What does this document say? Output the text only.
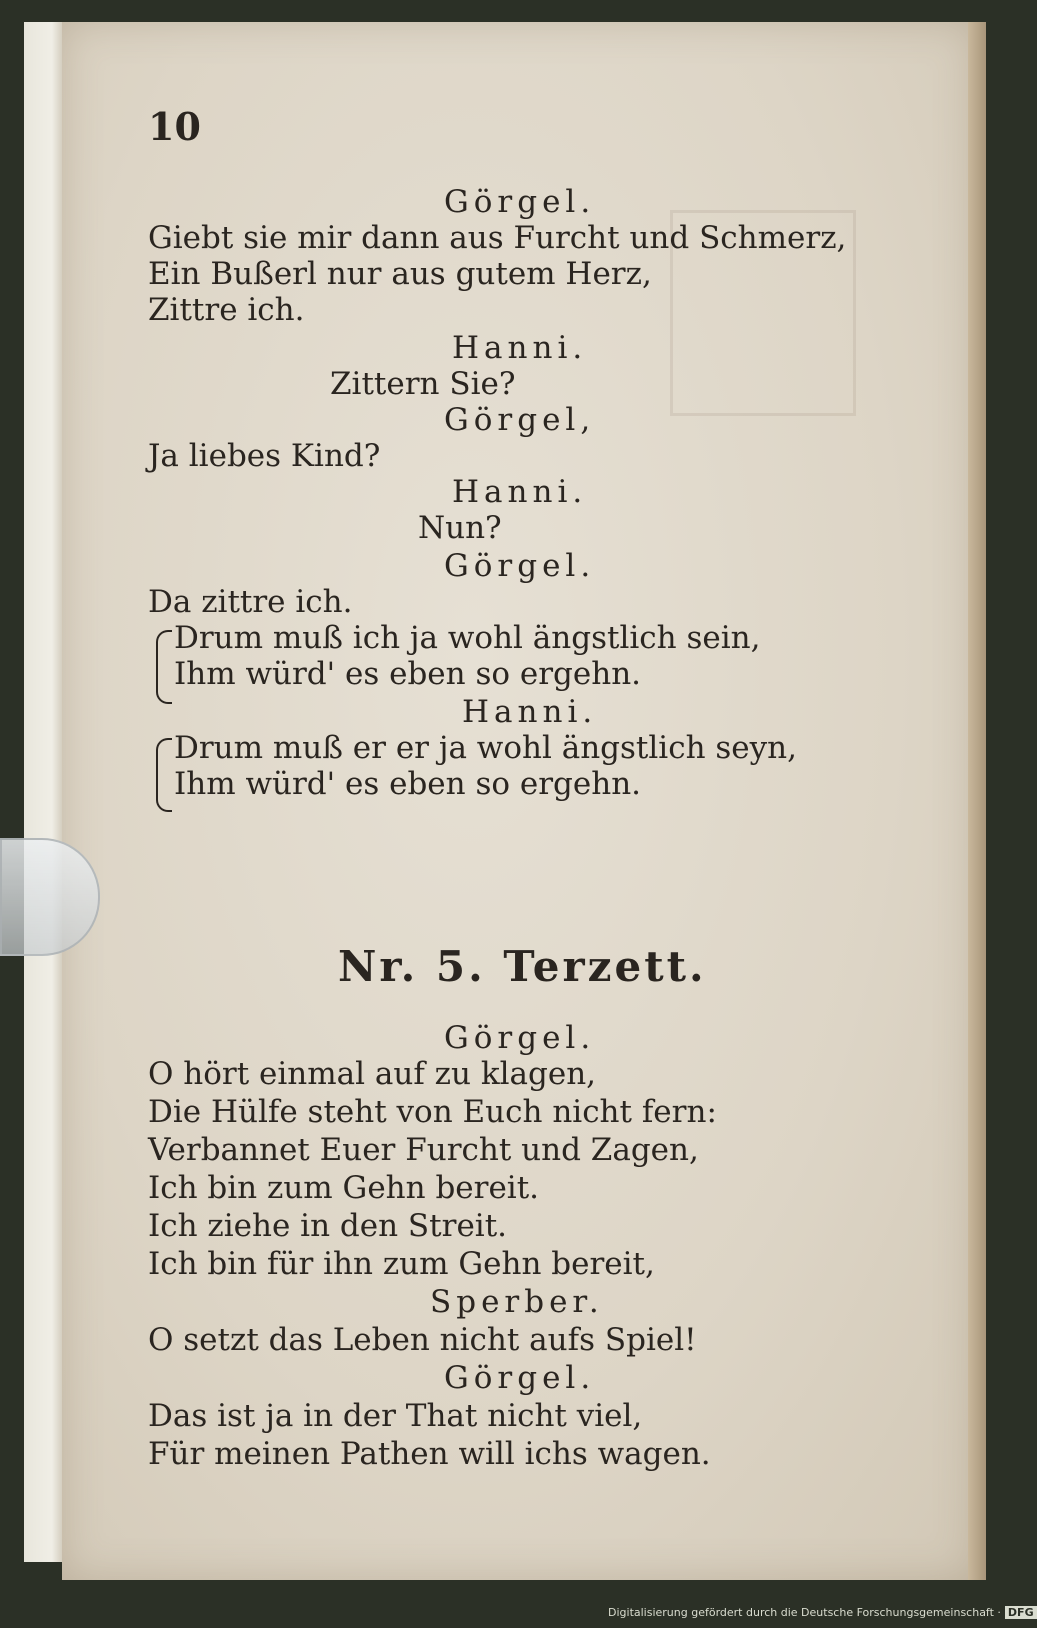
10
Görgel.
Giebt sie mir dann aus Furcht und Schmerz,
Ein Bußerl nur aus gutem Herz,
Zittre ich.
Hanni.
Zittern Sie?
Görgel,
Ja liebes Kind?
Hanni.
Nun?
Görgel.
Da zittre ich.
Drum muß ich ja wohl ängstlich sein,
Ihm würd' es eben so ergehn.
Hanni.
Drum muß er er ja wohl ängstlich seyn,
Ihm würd' es eben so ergehn.
Nr. 5. Terzett.
Görgel.
O hört einmal auf zu klagen,
Die Hülfe steht von Euch nicht fern:
Verbannet Euer Furcht und Zagen,
Ich bin zum Gehn bereit.
Ich ziehe in den Streit.
Ich bin für ihn zum Gehn bereit,
Sperber.
O setzt das Leben nicht aufs Spiel!
Görgel.
Das ist ja in der That nicht viel,
Für meinen Pathen will ichs wagen.
Digitalisierung gefördert durch die Deutsche Forschungsgemeinschaft · DFG
